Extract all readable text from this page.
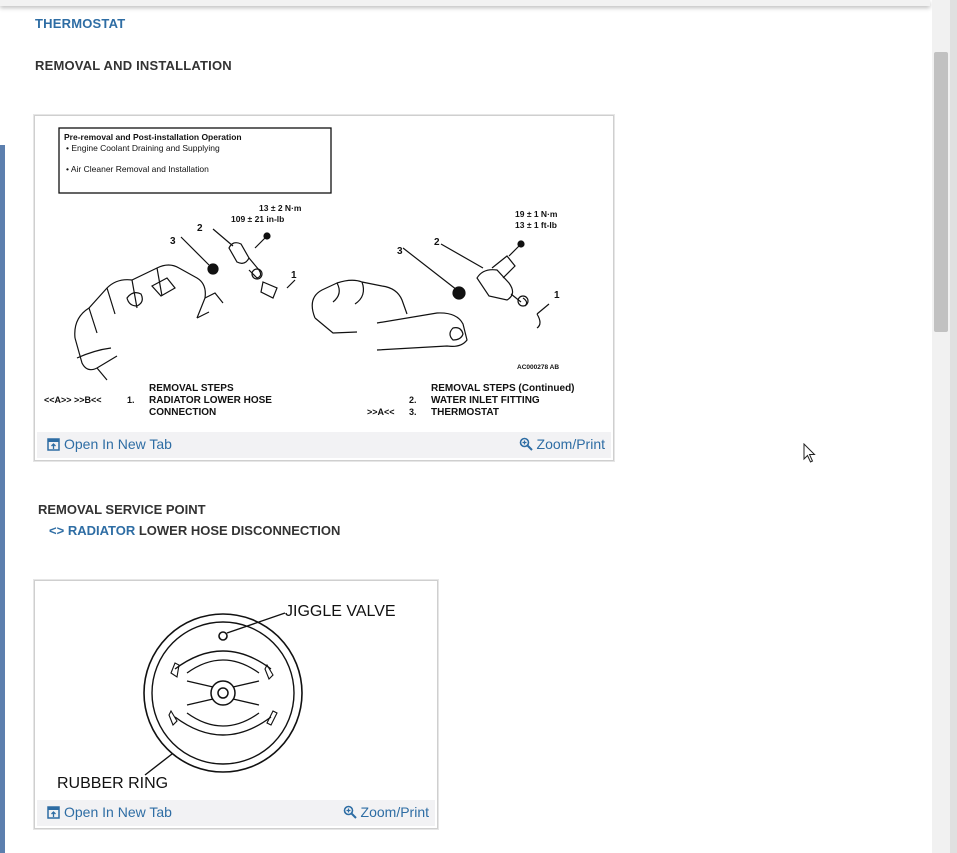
THERMOSTAT
REMOVAL AND INSTALLATION
Pre-removal and Post-installation Operation
• Engine Coolant Draining and Supplying
• Air Cleaner Removal and Installation
13 ± 2 N·m
109 ± 21 in-lb	19 ± 1 N·m
13 ± 1 ft-lb
3
2
1
3
2
1
AC000278 AB
<<A>> >>B<<	1.
REMOVAL STEPS
RADIATOR LOWER HOSE
CONNECTION
REMOVAL STEPS (Continued)
2. WATER INLET FITTING
>>A<< 3. THERMOSTAT
Open In New Tab	Zoom/Print
REMOVAL SERVICE POINT
<> RADIATOR LOWER HOSE DISCONNECTION
JIGGLE VALVE
RUBBER RING
Open In New Tab	Zoom/Print
